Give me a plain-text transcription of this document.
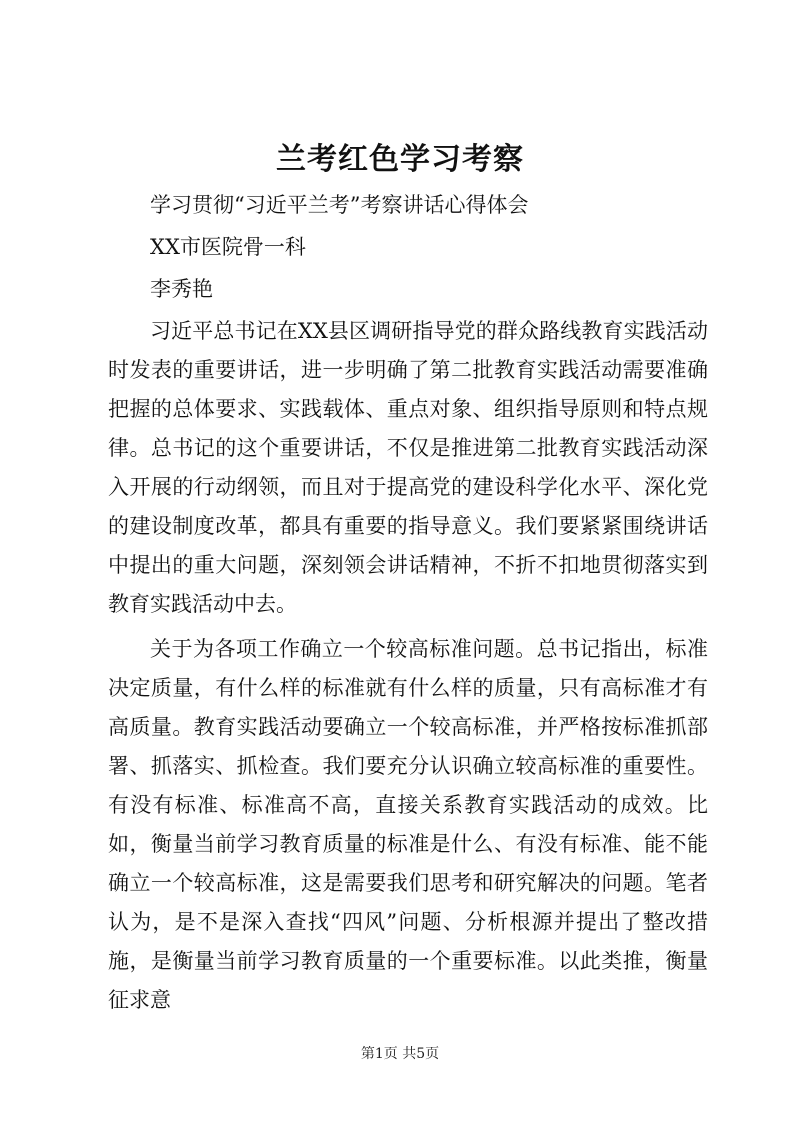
兰考红色学习考察

学习贯彻“习近平兰考”考察讲话心得体会

XX市医院骨一科

李秀艳

习近平总书记在XX县区调研指导党的群众路线教育实践活动时发表的重要讲话，进一步明确了第二批教育实践活动需要准确把握的总体要求、实践载体、重点对象、组织指导原则和特点规律。总书记的这个重要讲话，不仅是推进第二批教育实践活动深入开展的行动纲领，而且对于提高党的建设科学化水平、深化党的建设制度改革，都具有重要的指导意义。我们要紧紧围绕讲话中提出的重大问题，深刻领会讲话精神，不折不扣地贯彻落实到教育实践活动中去。

关于为各项工作确立一个较高标准问题。总书记指出，标准决定质量，有什么样的标准就有什么样的质量，只有高标准才有高质量。教育实践活动要确立一个较高标准，并严格按标准抓部署、抓落实、抓检查。我们要充分认识确立较高标准的重要性。有没有标准、标准高不高，直接关系教育实践活动的成效。比如，衡量当前学习教育质量的标准是什么、有没有标准、能不能确立一个较高标准，这是需要我们思考和研究解决的问题。笔者认为，是不是深入查找“四风”问题、分析根源并提出了整改措施，是衡量当前学习教育质量的一个重要标准。以此类推，衡量征求意

第1页 共5页
